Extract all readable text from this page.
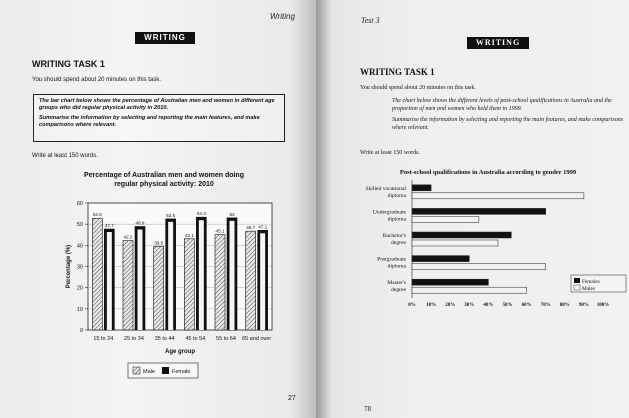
Writing
WRITING
WRITING TASK 1
You should spend about 20 minutes on this task.

The bar chart below shows the percentage of Australian men and women in different age groups who did regular physical activity in 2010.

Summarise the information by selecting and reporting the main features, and make comparisons where relevant.

Write at least 150 words.
Percentage of Australian men and women doing
regular physical activity: 2010
0
10
20
30
40
50
60
Percentage (%)
52.8
47.7
15 to 24
42.2
48.9
25 to 34
39.5
52.5
35 to 44
43.1
53.3
45 to 54
45.1
53
55 to 64
46.7 47.1
65 and over
Age group
Male	Female
27
Test 3
WRITING
WRITING TASK 1
You should spend about 20 minutes on this task.
The chart below shows the different levels of post-school qualifications in Australia and the proportion of men and women who held them in 1999.
Summarise the information by selecting and reporting the main features, and make comparisons where relevant.
Write at least 150 words.
Post-school qualifications in Australia according to gender 1999
Skilled vocational
diploma
Undergraduate
diploma
Bachelor's
degree
Postgraduate
diploma
Master's
degree
0% 10% 20% 30% 40% 50% 60% 70% 80% 90% 100%
Females
Males
78
